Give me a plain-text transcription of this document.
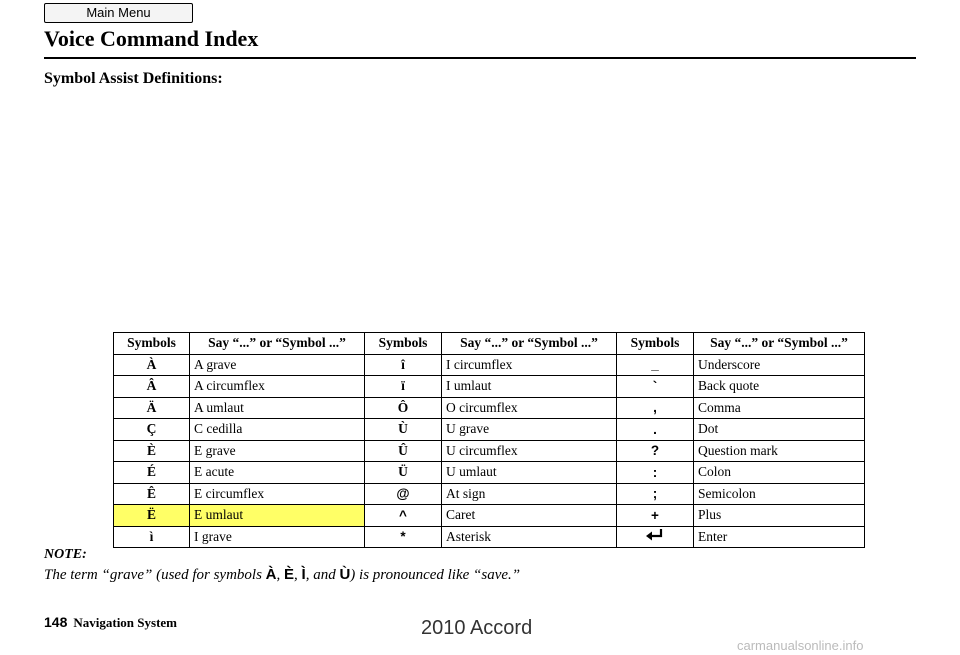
Main Menu
Voice Command Index
Symbol Assist Definitions:
Symbols	Say “...” or “Symbol ...”	Symbols	Say “...” or “Symbol ...”	Symbols	Say “...” or “Symbol ...”
À	A grave	î	I circumflex	_	Underscore
Â	A circumflex	ï	I umlaut	`	Back quote
Ä	A umlaut	Ô	O circumflex	,	Comma
Ç	C cedilla	Ù	U grave	.	Dot
È	E grave	Û	U circumflex	?	Question mark
É	E acute	Ü	U umlaut	:	Colon
Ê	E circumflex	@	At sign	;	Semicolon
Ë	E umlaut	^	Caret	+	Plus
ì	I grave	*	Asterisk		Enter
NOTE:
The term “grave” (used for symbols À, È, Ì, and Ù) is pronounced like “save.”
148 Navigation System	2010 Accord
carmanualsonline.info
